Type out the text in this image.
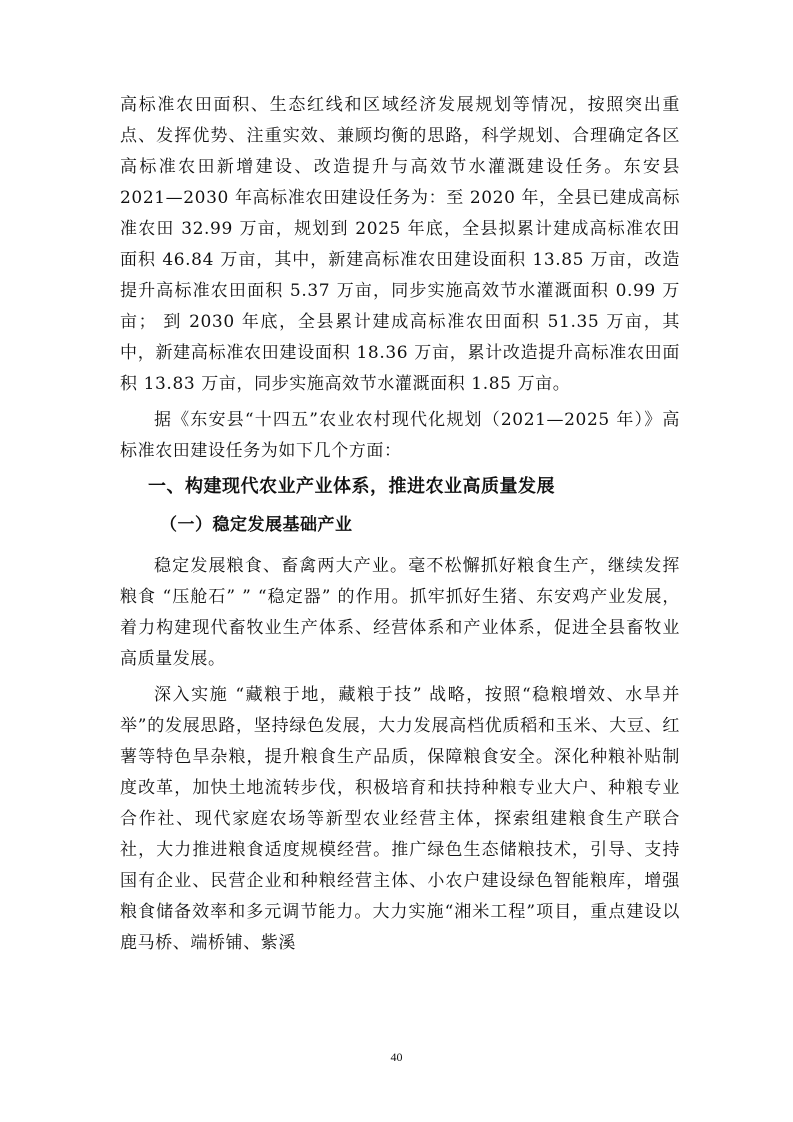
高标准农田面积、生态红线和区域经济发展规划等情况，按照突出重点、发挥优势、注重实效、兼顾均衡的思路，科学规划、合理确定各区高标准农田新增建设、改造提升与高效节水灌溉建设任务。东安县 2021—2030 年高标准农田建设任务为：至 2020 年，全县已建成高标准农田 32.99 万亩，规划到 2025 年底，全县拟累计建成高标准农田面积 46.84 万亩，其中，新建高标准农田建设面积 13.85 万亩，改造提升高标准农田面积 5.37 万亩，同步实施高效节水灌溉面积 0.99 万亩； 到 2030 年底，全县累计建成高标准农田面积 51.35 万亩，其中，新建高标准农田建设面积 18.36 万亩，累计改造提升高标准农田面积 13.83 万亩，同步实施高效节水灌溉面积 1.85 万亩。

据《东安县“十四五”农业农村现代化规划（2021—2025 年）》高标准农田建设任务为如下几个方面：

一、构建现代农业产业体系，推进农业高质量发展
（一）稳定发展基础产业

稳定发展粮食、畜禽两大产业。毫不松懈抓好粮食生产，继续发挥粮食 “压舱石” ” “稳定器” 的作用。抓牢抓好生猪、东安鸡产业发展，着力构建现代畜牧业生产体系、经营体系和产业体系，促进全县畜牧业高质量发展。

深入实施 “藏粮于地，藏粮于技” 战略，按照“稳粮增效、水旱并举”的发展思路，坚持绿色发展，大力发展高档优质稻和玉米、大豆、红薯等特色旱杂粮，提升粮食生产品质，保障粮食安全。深化种粮补贴制度改革，加快土地流转步伐，积极培育和扶持种粮专业大户、种粮专业合作社、现代家庭农场等新型农业经营主体，探索组建粮食生产联合社，大力推进粮食适度规模经营。推广绿色生态储粮技术，引导、支持国有企业、民营企业和种粮经营主体、小农户建设绿色智能粮库，增强粮食储备效率和多元调节能力。大力实施“湘米工程”项目，重点建设以鹿马桥、端桥铺、紫溪

40
